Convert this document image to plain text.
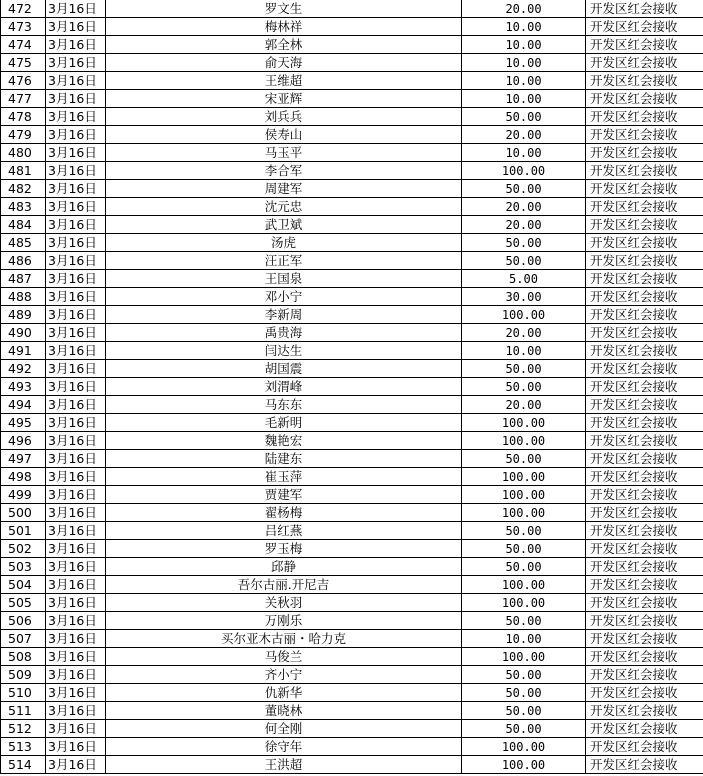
472	3月16日	罗文生	20.00	开发区红会接收
473	3月16日	梅林祥	10.00	开发区红会接收
474	3月16日	郭全林	10.00	开发区红会接收
475	3月16日	俞天海	10.00	开发区红会接收
476	3月16日	王维超	10.00	开发区红会接收
477	3月16日	宋亚辉	10.00	开发区红会接收
478	3月16日	刘兵兵	50.00	开发区红会接收
479	3月16日	侯寿山	20.00	开发区红会接收
480	3月16日	马玉平	10.00	开发区红会接收
481	3月16日	李合军	100.00	开发区红会接收
482	3月16日	周建军	50.00	开发区红会接收
483	3月16日	沈元忠	20.00	开发区红会接收
484	3月16日	武卫斌	20.00	开发区红会接收
485	3月16日	汤虎	50.00	开发区红会接收
486	3月16日	汪正军	50.00	开发区红会接收
487	3月16日	王国泉	5.00	开发区红会接收
488	3月16日	邓小宁	30.00	开发区红会接收
489	3月16日	李新周	100.00	开发区红会接收
490	3月16日	禹贵海	20.00	开发区红会接收
491	3月16日	闫达生	10.00	开发区红会接收
492	3月16日	胡国震	50.00	开发区红会接收
493	3月16日	刘渭峰	50.00	开发区红会接收
494	3月16日	马东东	20.00	开发区红会接收
495	3月16日	毛新明	100.00	开发区红会接收
496	3月16日	魏艳宏	100.00	开发区红会接收
497	3月16日	陆建东	50.00	开发区红会接收
498	3月16日	崔玉萍	100.00	开发区红会接收
499	3月16日	贾建军	100.00	开发区红会接收
500	3月16日	翟杨梅	100.00	开发区红会接收
501	3月16日	吕红燕	50.00	开发区红会接收
502	3月16日	罗玉梅	50.00	开发区红会接收
503	3月16日	邱静	50.00	开发区红会接收
504	3月16日	吾尔古丽.开尼吉	100.00	开发区红会接收
505	3月16日	关秋羽	100.00	开发区红会接收
506	3月16日	万刚乐	50.00	开发区红会接收
507	3月16日	买尔亚木古丽・哈力克	10.00	开发区红会接收
508	3月16日	马俊兰	100.00	开发区红会接收
509	3月16日	齐小宁	50.00	开发区红会接收
510	3月16日	仇新华	50.00	开发区红会接收
511	3月16日	董晓林	50.00	开发区红会接收
512	3月16日	何全刚	50.00	开发区红会接收
513	3月16日	徐守年	100.00	开发区红会接收
514	3月16日	王洪超	100.00	开发区红会接收
